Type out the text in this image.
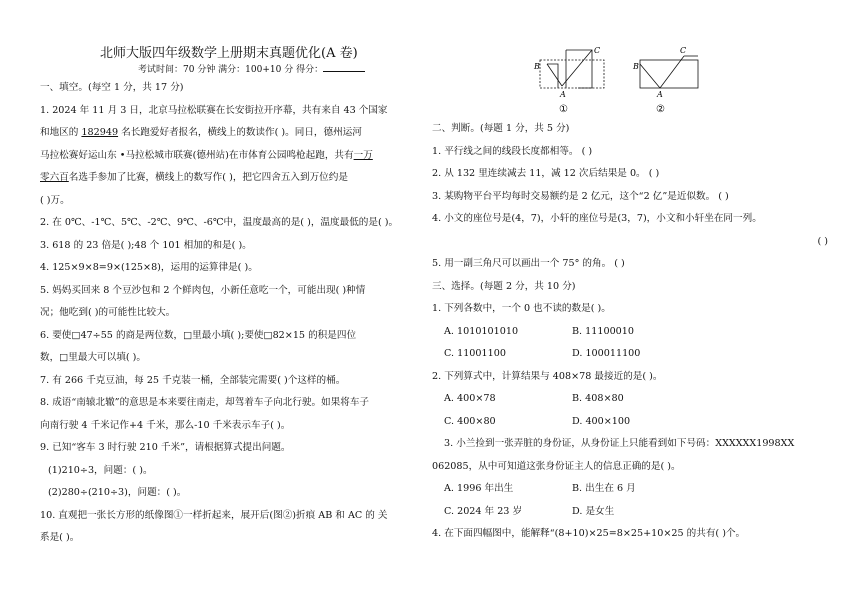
北师大版四年级数学上册期末真题优化(A 卷)
考试时间：70 分钟 满分：100+10 分 得分：
一、填空。(每空 1 分，共 17 分)
1. 2024 年 11 月 3 日，北京马拉松联赛在长安街拉开序幕，共有来自 43 个国家
和地区的 182949 名长跑爱好者报名，横线上的数读作( )。同日，德州运河
马拉松赛好运山东 •马拉松城市联赛(德州站)在市体育公园鸣枪起跑，共有一万
零六百名选手参加了比赛，横线上的数写作( )，把它四舍五入到万位约是
( )万。
2. 在 0℃、-1℃、5℃、-2℃、9℃、-6℃中，温度最高的是( )，温度最低的是( )。
3. 618 的 23 倍是( );48 个 101 相加的和是( )。
4. 125×9×8=9×(125×8)，运用的运算律是( )。
5. 妈妈买回来 8 个豆沙包和 2 个鲜肉包，小新任意吃一个，可能出现( )种情
况；他吃到( )的可能性比较大。
6. 要使□47÷55 的商是两位数，□里最小填( );要使□82×15 的积是四位
数，□里最大可以填( )。
7. 有 266 千克豆油，每 25 千克装一桶，全部装完需要( )个这样的桶。
8. 成语“南辕北辙”的意思是本来要往南走，却驾着车子向北行驶。如果将车子
向南行驶 4 千米记作+4 千米，那么-10 千米表示车子( )。
9. 已知“客车 3 时行驶 210 千米”，请根据算式提出问题。
(1)210÷3，问题：( )。
(2)280÷(210÷3)，问题：( )。
10. 直观把一张长方形的纸像图①一样折起来，展开后(图②)折痕 AB 和 AC 的 关
系是( )。
B
C
A
①
B
C
A
②
二、判断。(每题 1 分，共 5 分)
1. 平行线之间的线段长度都相等。 ( )
2. 从 132 里连续减去 11，减 12 次后结果是 0。 ( )
3. 某购物平台平均每时交易额约是 2 亿元，这个“2 亿”是近似数。 ( )
4. 小文的座位号是(4，7)，小轩的座位号是(3，7)，小文和小轩坐在同一列。
( )
5. 用一副三角尺可以画出一个 75° 的角。 ( )
三、选择。(每题 2 分，共 10 分)
1. 下列各数中，一个 0 也不读的数是( )。
A. 1010101010	B. 11100010
C. 11001100	D. 100011100
2. 下列算式中，计算结果与 408×78 最接近的是( )。
A. 400×78	B. 408×80
C. 400×80	D. 400×100
3. 小兰捡到一张弄脏的身份证，从身份证上只能看到如下号码：XXXXXX1998XX
062085，从中可知道这张身份证主人的信息正确的是( )。
A. 1996 年出生	B. 出生在 6 月
C. 2024 年 23 岁	D. 是女生
4. 在下面四幅图中，能解释“(8+10)×25=8×25+10×25 的共有( )个。
